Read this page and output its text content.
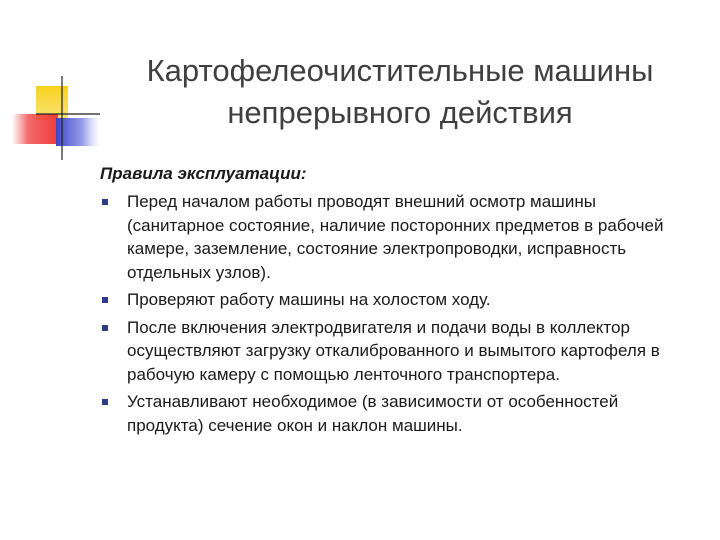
Картофелеочистительные машины
непрерывного действия
Правила эксплуатации:
Перед началом работы проводят внешний осмотр машины (санитарное состояние, наличие посторонних предметов в рабочей камере, заземление, состояние электропроводки, исправность отдельных узлов).
Проверяют работу машины на холостом ходу.
После включения электродвигателя и подачи воды в коллектор осуществляют загрузку откалиброванного и вымытого картофеля в рабочую камеру с помощью ленточного транспортера.
Устанавливают необходимое (в зависимости от особенностей продукта) сечение окон и наклон машины.
